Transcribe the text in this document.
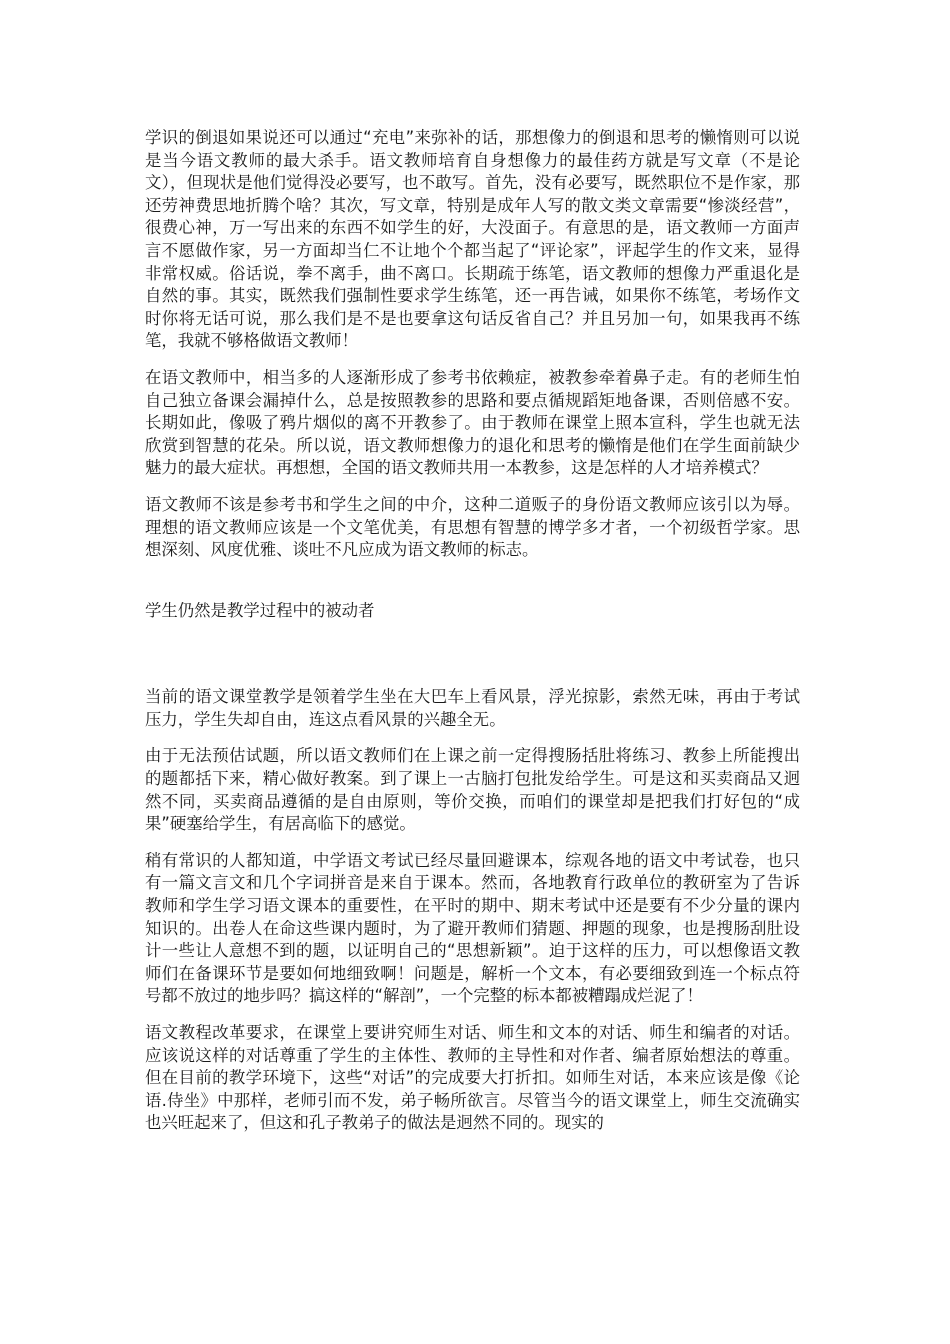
学识的倒退如果说还可以通过“充电”来弥补的话，那想像力的倒退和思考的懒惰则可以说是当今语文教师的最大杀手。语文教师培育自身想像力的最佳药方就是写文章（不是论文），但现状是他们觉得没必要写，也不敢写。首先，没有必要写，既然职位不是作家，那还劳神费思地折腾个啥？其次，写文章，特别是成年人写的散文类文章需要“惨淡经营”，很费心神，万一写出来的东西不如学生的好，大没面子。有意思的是，语文教师一方面声言不愿做作家，另一方面却当仁不让地个个都当起了“评论家”，评起学生的作文来，显得非常权威。俗话说，拳不离手，曲不离口。长期疏于练笔，语文教师的想像力严重退化是自然的事。其实，既然我们强制性要求学生练笔，还一再告诫，如果你不练笔，考场作文时你将无话可说，那么我们是不是也要拿这句话反省自己？并且另加一句，如果我再不练笔，我就不够格做语文教师！

在语文教师中，相当多的人逐渐形成了参考书依赖症，被教参牵着鼻子走。有的老师生怕自己独立备课会漏掉什么，总是按照教参的思路和要点循规蹈矩地备课，否则倍感不安。长期如此，像吸了鸦片烟似的离不开教参了。由于教师在课堂上照本宣科，学生也就无法欣赏到智慧的花朵。所以说，语文教师想像力的退化和思考的懒惰是他们在学生面前缺少魅力的最大症状。再想想，全国的语文教师共用一本教参，这是怎样的人才培养模式？

语文教师不该是参考书和学生之间的中介，这种二道贩子的身份语文教师应该引以为辱。理想的语文教师应该是一个文笔优美，有思想有智慧的博学多才者，一个初级哲学家。思想深刻、风度优雅、谈吐不凡应成为语文教师的标志。

学生仍然是教学过程中的被动者

当前的语文课堂教学是领着学生坐在大巴车上看风景，浮光掠影，索然无味，再由于考试压力，学生失却自由，连这点看风景的兴趣全无。

由于无法预估试题，所以语文教师们在上课之前一定得搜肠括肚将练习、教参上所能搜出的题都括下来，精心做好教案。到了课上一古脑打包批发给学生。可是这和买卖商品又迥然不同，买卖商品遵循的是自由原则，等价交换，而咱们的课堂却是把我们打好包的“成果”硬塞给学生，有居高临下的感觉。

稍有常识的人都知道，中学语文考试已经尽量回避课本，综观各地的语文中考试卷，也只有一篇文言文和几个字词拼音是来自于课本。然而，各地教育行政单位的教研室为了告诉教师和学生学习语文课本的重要性，在平时的期中、期末考试中还是要有不少分量的课内知识的。出卷人在命这些课内题时，为了避开教师们猜题、押题的现象，也是搜肠刮肚设计一些让人意想不到的题，以证明自己的“思想新颖”。迫于这样的压力，可以想像语文教师们在备课环节是要如何地细致啊！问题是，解析一个文本，有必要细致到连一个标点符号都不放过的地步吗？搞这样的“解剖”，一个完整的标本都被糟蹋成烂泥了！

语文教程改革要求，在课堂上要讲究师生对话、师生和文本的对话、师生和编者的对话。应该说这样的对话尊重了学生的主体性、教师的主导性和对作者、编者原始想法的尊重。但在目前的教学环境下，这些“对话”的完成要大打折扣。如师生对话，本来应该是像《论语.侍坐》中那样，老师引而不发，弟子畅所欲言。尽管当今的语文课堂上，师生交流确实也兴旺起来了，但这和孔子教弟子的做法是迥然不同的。现实的
